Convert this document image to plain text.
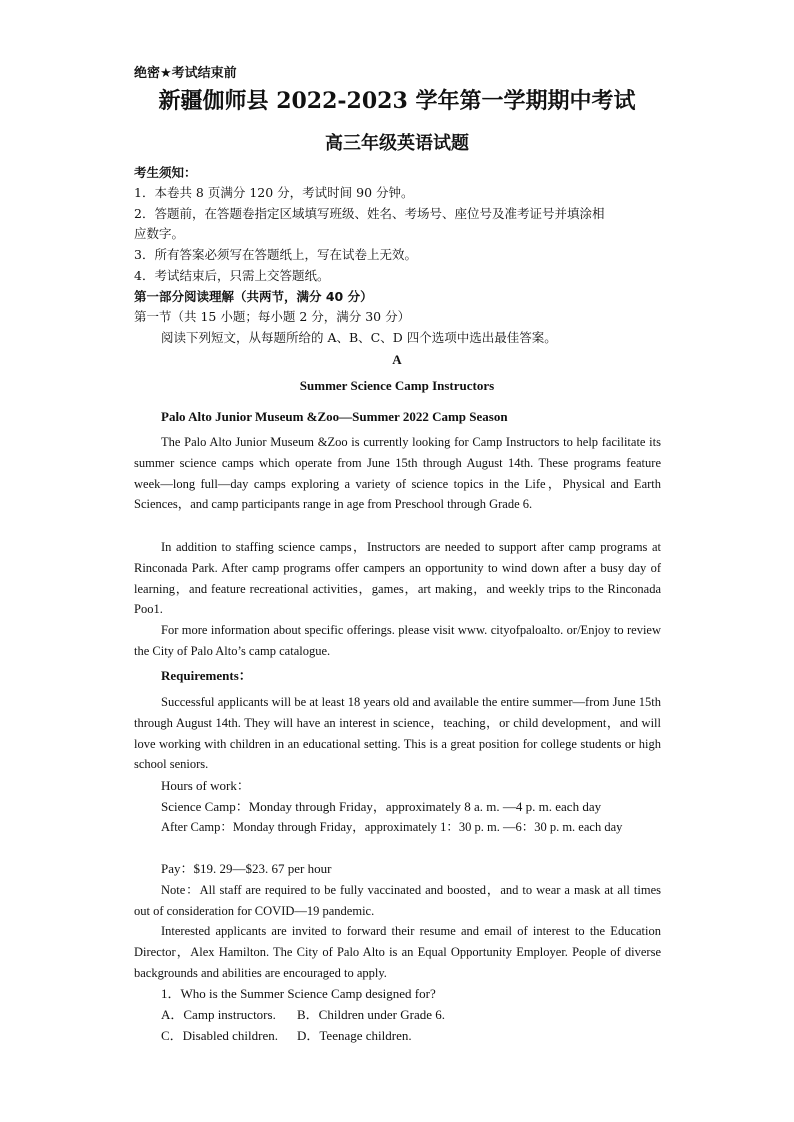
绝密★考试结束前
新疆伽师县 2022-2023 学年第一学期期中考试
高三年级英语试题
考生须知：
1．本卷共 8 页满分 120 分，考试时间 90 分钟。
2．答题前，在答题卷指定区域填写班级、姓名、考场号、座位号及准考证号并填涂相
应数字。
3．所有答案必须写在答题纸上，写在试卷上无效。
4．考试结束后，只需上交答题纸。
第一部分阅读理解（共两节，满分 40 分）
第一节（共 15 小题；每小题 2 分，满分 30 分）
阅读下列短文，从每题所给的 A、B、C、D 四个选项中选出最佳答案。
A
Summer Science Camp Instructors
Palo Alto Junior Museum &Zoo—Summer 2022 Camp Season
The Palo Alto Junior Museum &Zoo is currently looking for Camp Instructors to help facilitate its summer science camps which operate from June 15th through August 14th. These programs feature week—long full—day camps exploring a variety of science topics in the Life，Physical and Earth Sciences，and camp participants range in age from Preschool through Grade 6.
In addition to staffing science camps，Instructors are needed to support after camp programs at Rinconada Park. After camp programs offer campers an opportunity to wind down after a busy day of learning，and feature recreational activities，games，art making，and weekly trips to the Rinconada Poo1.
For more information about specific offerings. please visit www. cityofpaloalto. or/Enjoy to review the City of Palo Alto’s camp catalogue.
Requirements：
Successful applicants will be at least 18 years old and available the entire summer—from June 15th through August 14th. They will have an interest in science，teaching，or child development，and will love working with children in an educational setting. This is a great position for college students or high school seniors.
Hours of work：
Science Camp：Monday through Friday，approximately 8 a. m. —4 p. m. each day
After Camp：Monday through Friday，approximately 1：30 p. m. —6：30 p. m. each day
Pay：$19. 29—$23. 67 per hour
Note：All staff are required to be fully vaccinated and boosted，and to wear a mask at all times out of consideration for COVID—19 pandemic.
Interested applicants are invited to forward their resume and email of interest to the Education Director，Alex Hamilton. The City of Palo Alto is an Equal Opportunity Employer. People of diverse backgrounds and abilities are encouraged to apply.
1．Who is the Summer Science Camp designed for?
A．Camp instructors. B．Children under Grade 6.
C．Disabled children. D．Teenage children.
